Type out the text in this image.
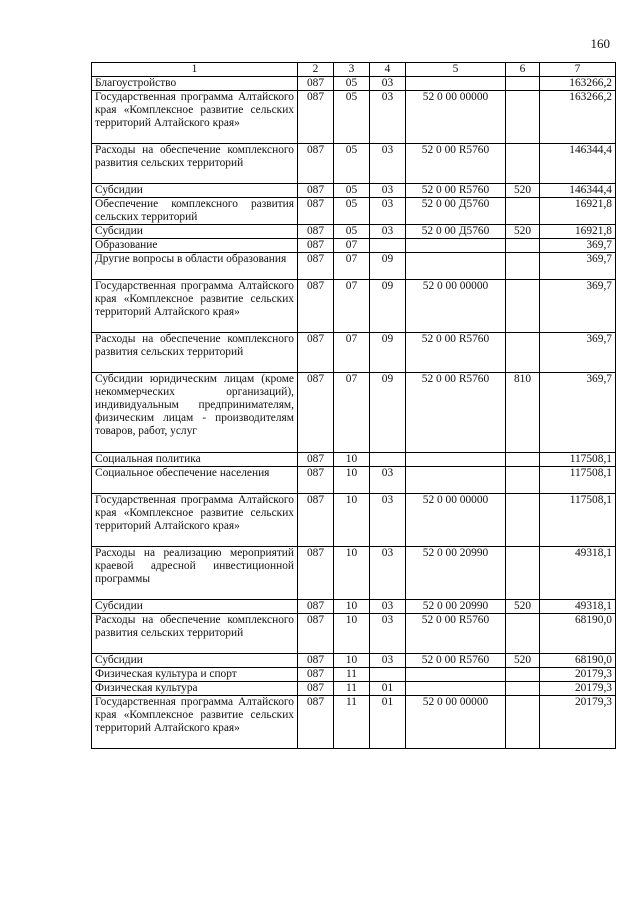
160
1	2	3	4	5	6	7
Благоустройство	087	05	03			163266,2
Государственная программа Алтайского края «Комплексное развитие сельских территорий Алтайского края»	087	05	03	52 0 00 00000		163266,2
Расходы на обеспечение комплексного развития сельских территорий	087	05	03	52 0 00 R5760		146344,4
Субсидии	087	05	03	52 0 00 R5760	520	146344,4
Обеспечение комплексного развития сельских территорий	087	05	03	52 0 00 Д5760		16921,8
Субсидии	087	05	03	52 0 00 Д5760	520	16921,8
Образование	087	07				369,7
Другие вопросы в области образования	087	07	09			369,7
Государственная программа Алтайского края «Комплексное развитие сельских территорий Алтайского края»	087	07	09	52 0 00 00000		369,7
Расходы на обеспечение комплексного развития сельских территорий	087	07	09	52 0 00 R5760		369,7
Субсидии юридическим лицам (кроме некоммерческих организаций), индивидуальным предпринимателям, физическим лицам - производителям товаров, работ, услуг	087	07	09	52 0 00 R5760	810	369,7
Социальная политика	087	10				117508,1
Социальное обеспечение населения	087	10	03			117508,1
Государственная программа Алтайского края «Комплексное развитие сельских территорий Алтайского края»	087	10	03	52 0 00 00000		117508,1
Расходы на реализацию мероприятий краевой адресной инвестиционной программы	087	10	03	52 0 00 20990		49318,1
Субсидии	087	10	03	52 0 00 20990	520	49318,1
Расходы на обеспечение комплексного развития сельских территорий	087	10	03	52 0 00 R5760		68190,0
Субсидии	087	10	03	52 0 00 R5760	520	68190,0
Физическая культура и спорт	087	11				20179,3
Физическая культура	087	11	01			20179,3
Государственная программа Алтайского края «Комплексное развитие сельских территорий Алтайского края»	087	11	01	52 0 00 00000		20179,3
